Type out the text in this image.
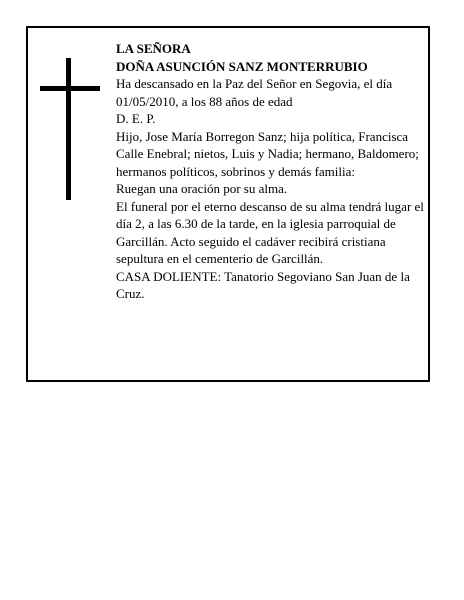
LA SEÑORA

DOÑA ASUNCIÓN SANZ MONTERRUBIO

Ha descansado en la Paz del Señor en Segovia, el día 01/05/2010, a los 88 años de edad

D. E. P.

Hijo, Jose María Borregon Sanz; hija política, Francisca Calle Enebral; nietos, Luis y Nadia; hermano, Baldomero; hermanos políticos, sobrinos y demás familia:

Ruegan una oración por su alma.

El funeral por el eterno descanso de su alma tendrá lugar el día 2, a las 6.30 de la tarde, en la iglesia parroquial de Garcillán. Acto seguido el cadáver recibirá cristiana sepultura en el cementerio de Garcillán.

CASA DOLIENTE: Tanatorio Segoviano San Juan de la Cruz.
